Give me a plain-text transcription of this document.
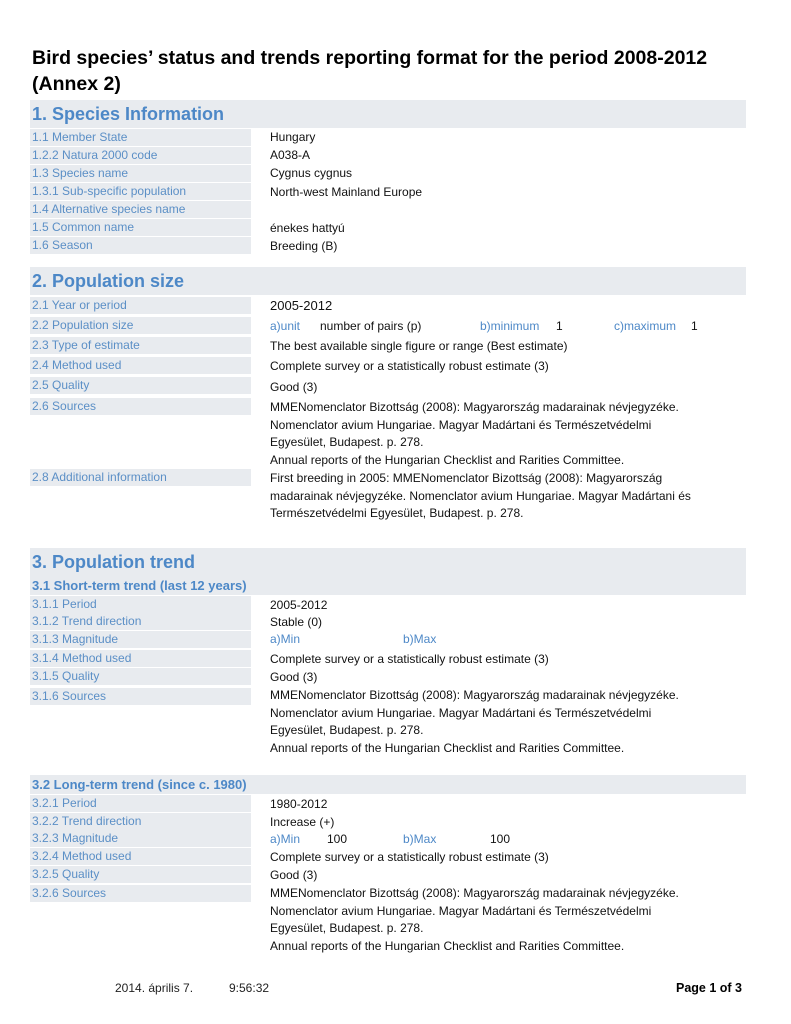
Bird species’ status and trends reporting format for the period 2008-2012
(Annex 2)
1. Species Information
1.1 Member State	Hungary
1.2.2 Natura 2000 code	A038-A
1.3 Species name	Cygnus cygnus
1.3.1 Sub-specific population	North-west Mainland Europe
1.4 Alternative species name
1.5 Common name	énekes hattyú
1.6 Season	Breeding (B)
2. Population size
2.1 Year or period	2005-2012
2.2 Population size	a)unit number of pairs (p)	b)minimum 1	c)maximum 1
2.3 Type of estimate	The best available single figure or range (Best estimate)
2.4 Method used	Complete survey or a statistically robust estimate (3)
2.5 Quality	Good (3)
2.6 Sources	MMENomenclator Bizottság (2008): Magyarország madarainak névjegyzéke.
Nomenclator avium Hungariae. Magyar Madártani és Természetvédelmi
Egyesület, Budapest. p. 278.
Annual reports of the Hungarian Checklist and Rarities Committee.
2.8 Additional information	First breeding in 2005: MMENomenclator Bizottság (2008): Magyarország
madarainak névjegyzéke. Nomenclator avium Hungariae. Magyar Madártani és
Természetvédelmi Egyesület, Budapest. p. 278.
3. Population trend
3.1 Short-term trend (last 12 years)
3.1.1 Period	2005-2012
3.1.2 Trend direction	Stable (0)
3.1.3 Magnitude	a)Min	b)Max
3.1.4 Method used	Complete survey or a statistically robust estimate (3)
3.1.5 Quality	Good (3)
3.1.6 Sources	MMENomenclator Bizottság (2008): Magyarország madarainak névjegyzéke.
Nomenclator avium Hungariae. Magyar Madártani és Természetvédelmi
Egyesület, Budapest. p. 278.
Annual reports of the Hungarian Checklist and Rarities Committee.
3.2 Long-term trend (since c. 1980)
3.2.1 Period	1980-2012
3.2.2 Trend direction	Increase (+)
3.2.3 Magnitude	a)Min 100	b)Max	100
3.2.4 Method used	Complete survey or a statistically robust estimate (3)
3.2.5 Quality	Good (3)
3.2.6 Sources	MMENomenclator Bizottság (2008): Magyarország madarainak névjegyzéke.
Nomenclator avium Hungariae. Magyar Madártani és Természetvédelmi
Egyesület, Budapest. p. 278.
Annual reports of the Hungarian Checklist and Rarities Committee.
2014. április 7.	9:56:32	Page 1 of 3
